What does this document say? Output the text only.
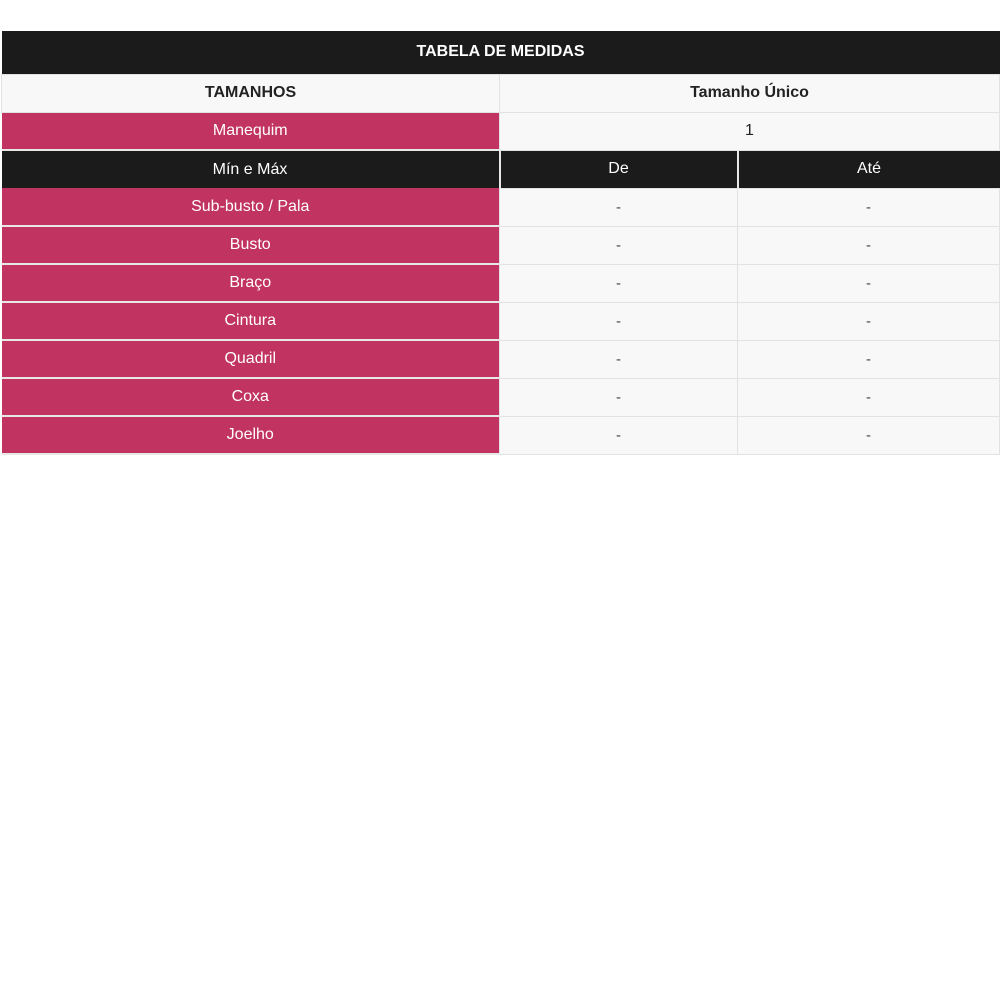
TABELA DE MEDIDAS		
TAMANHOS	Tamanho Único	
Manequim	1	
Mín e Máx	De	Até
Sub-busto / Pala	-	-
Busto	-	-
Braço	-	-
Cintura	-	-
Quadril	-	-
Coxa	-	-
Joelho	-	-
